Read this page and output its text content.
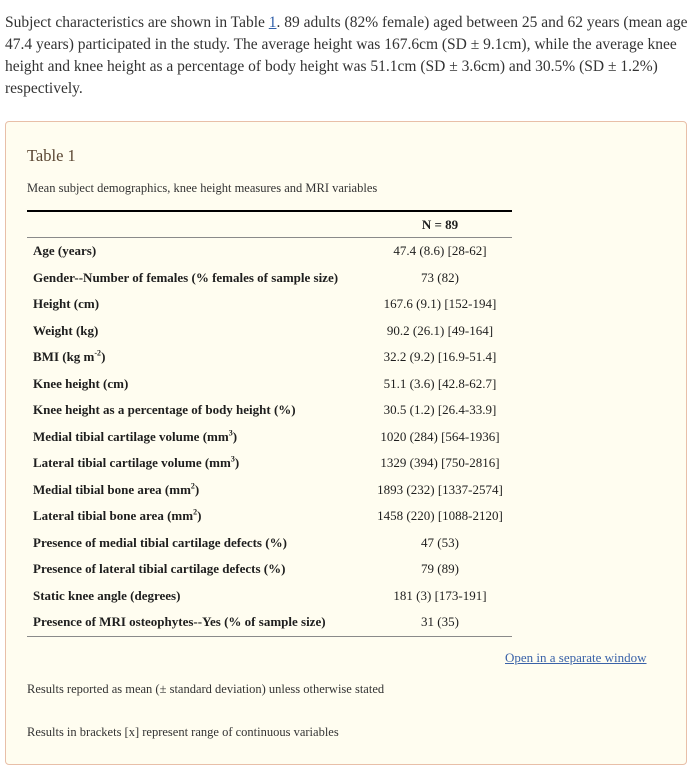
Subject characteristics are shown in Table 1. 89 adults (82% female) aged between 25 and 62 years (mean age 47.4 years) participated in the study. The average height was 167.6cm (SD ± 9.1cm), while the average knee height and knee height as a percentage of body height was 51.1cm (SD ± 3.6cm) and 30.5% (SD ± 1.2%) respectively.

Table 1
Mean subject demographics, knee height measures and MRI variables
	N = 89
Age (years)	47.4 (8.6) [28-62]
Gender--Number of females (% females of sample size)	73 (82)
Height (cm)	167.6 (9.1) [152-194]
Weight (kg)	90.2 (26.1) [49-164]
BMI (kg $m^{-2}$)	32.2 (9.2) [16.9-51.4]
Knee height (cm)	51.1 (3.6) [42.8-62.7]
Knee height as a percentage of body height (%)	30.5 (1.2) [26.4-33.9]
Medial tibial cartilage volume $(mm^3)$	1020 (284) [564-1936]
Lateral tibial cartilage volume $(mm^3)$	1329 (394) [750-2816]
Medial tibial bone area $(mm^2)$	1893 (232) [1337-2574]
Lateral tibial bone area $(mm^2)$	1458 (220) [1088-2120]
Presence of medial tibial cartilage defects (%)	47 (53)
Presence of lateral tibial cartilage defects (%)	79 (89)
Static knee angle (degrees)	181 (3) [173-191]
Presence of MRI osteophytes--Yes (% of sample size)	31 (35)
Open in a separate window
Results reported as mean (± standard deviation) unless otherwise stated
Results in brackets [x] represent range of continuous variables
